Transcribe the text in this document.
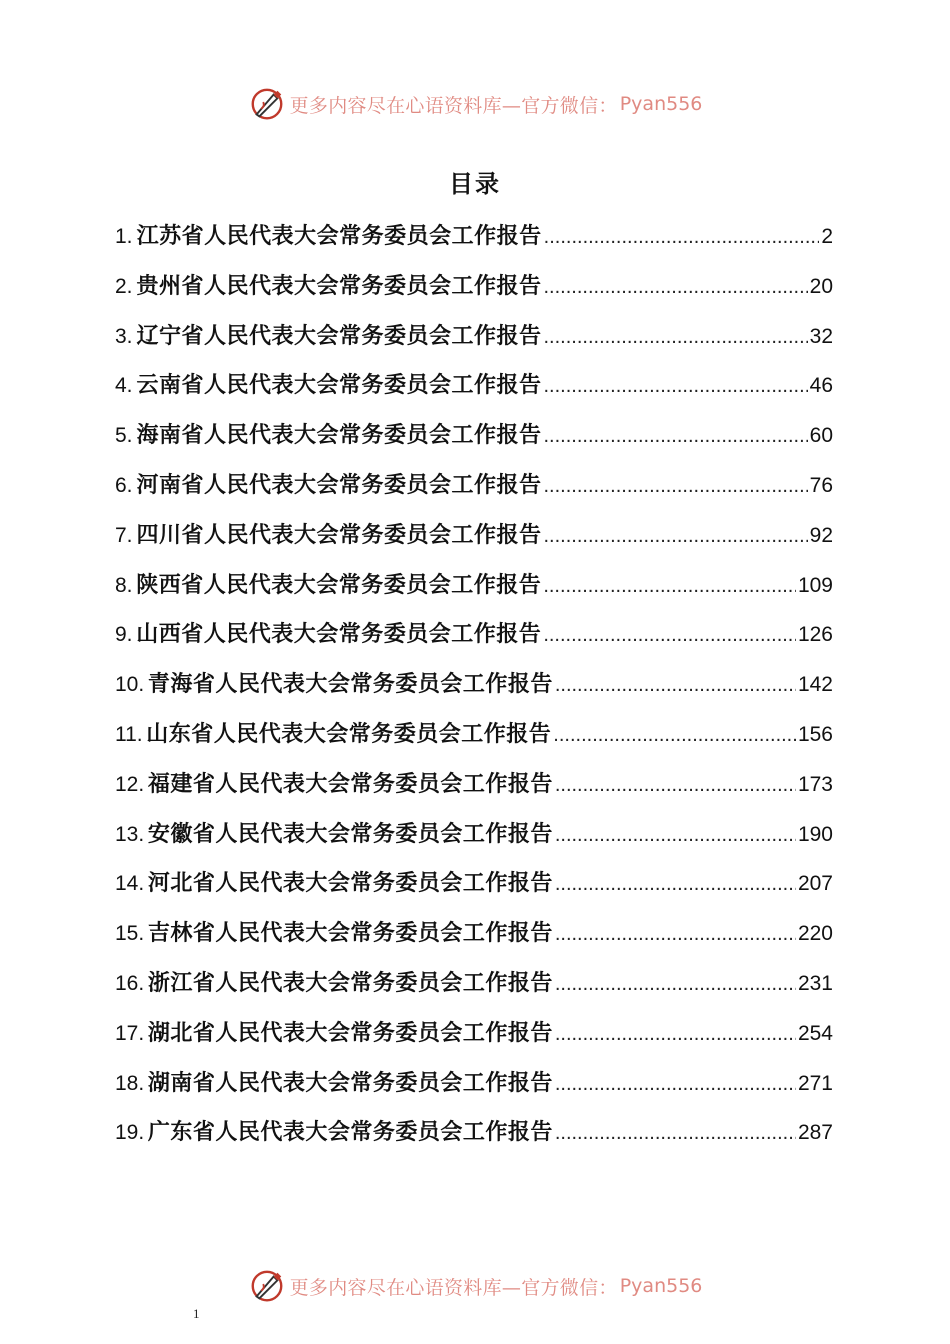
更多内容尽在心语资料库—官方微信： Pyan556
目录
1. 江苏省人民代表大会常务委员会工作报告 .....	2
2. 贵州省人民代表大会常务委员会工作报告 .....	20
3. 辽宁省人民代表大会常务委员会工作报告 .....	32
4. 云南省人民代表大会常务委员会工作报告 .....	46
5. 海南省人民代表大会常务委员会工作报告 .....	60
6. 河南省人民代表大会常务委员会工作报告 .....	76
7. 四川省人民代表大会常务委员会工作报告 .....	92
8. 陕西省人民代表大会常务委员会工作报告 .....	109
9. 山西省人民代表大会常务委员会工作报告 .....	126
10. 青海省人民代表大会常务委员会工作报告 .....	142
11. 山东省人民代表大会常务委员会工作报告 .....	156
12. 福建省人民代表大会常务委员会工作报告 .....	173
13. 安徽省人民代表大会常务委员会工作报告 .....	190
14. 河北省人民代表大会常务委员会工作报告 .....	207
15. 吉林省人民代表大会常务委员会工作报告 .....	220
16. 浙江省人民代表大会常务委员会工作报告 .....	231
17. 湖北省人民代表大会常务委员会工作报告 .....	254
18. 湖南省人民代表大会常务委员会工作报告 .....	271
19. 广东省人民代表大会常务委员会工作报告 .....	287
更多内容尽在心语资料库—官方微信： Pyan556
1
